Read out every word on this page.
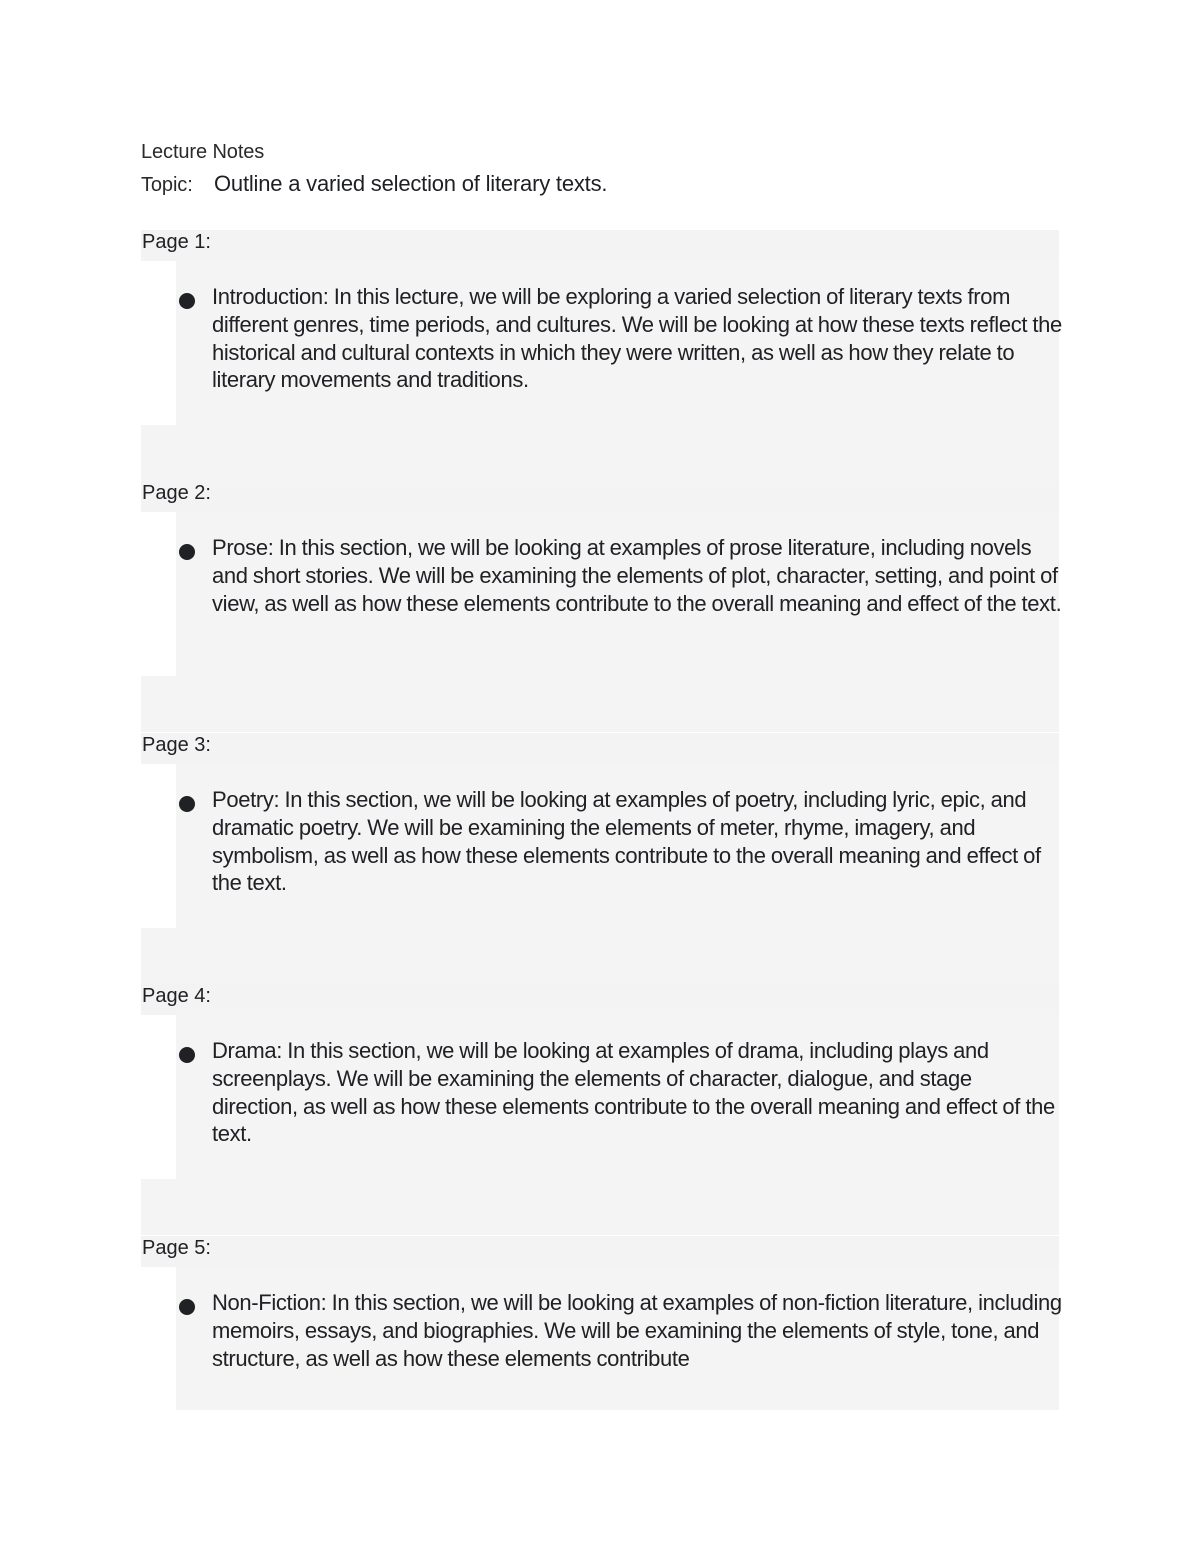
Lecture Notes
Topic: Outline a varied selection of literary texts.
Page 1:
Introduction: In this lecture, we will be exploring a varied selection of literary texts from different genres, time periods, and cultures. We will be looking at how these texts reflect the historical and cultural contexts in which they were written, as well as how they relate to literary movements and traditions.
Page 2:
Prose: In this section, we will be looking at examples of prose literature, including novels and short stories. We will be examining the elements of plot, character, setting, and point of view, as well as how these elements contribute to the overall meaning and effect of the text.
Page 3:
Poetry: In this section, we will be looking at examples of poetry, including lyric, epic, and dramatic poetry. We will be examining the elements of meter, rhyme, imagery, and symbolism, as well as how these elements contribute to the overall meaning and effect of the text.
Page 4:
Drama: In this section, we will be looking at examples of drama, including plays and screenplays. We will be examining the elements of character, dialogue, and stage direction, as well as how these elements contribute to the overall meaning and effect of the text.
Page 5:
Non-Fiction: In this section, we will be looking at examples of non-fiction literature, including memoirs, essays, and biographies. We will be examining the elements of style, tone, and structure, as well as how these elements contribute
